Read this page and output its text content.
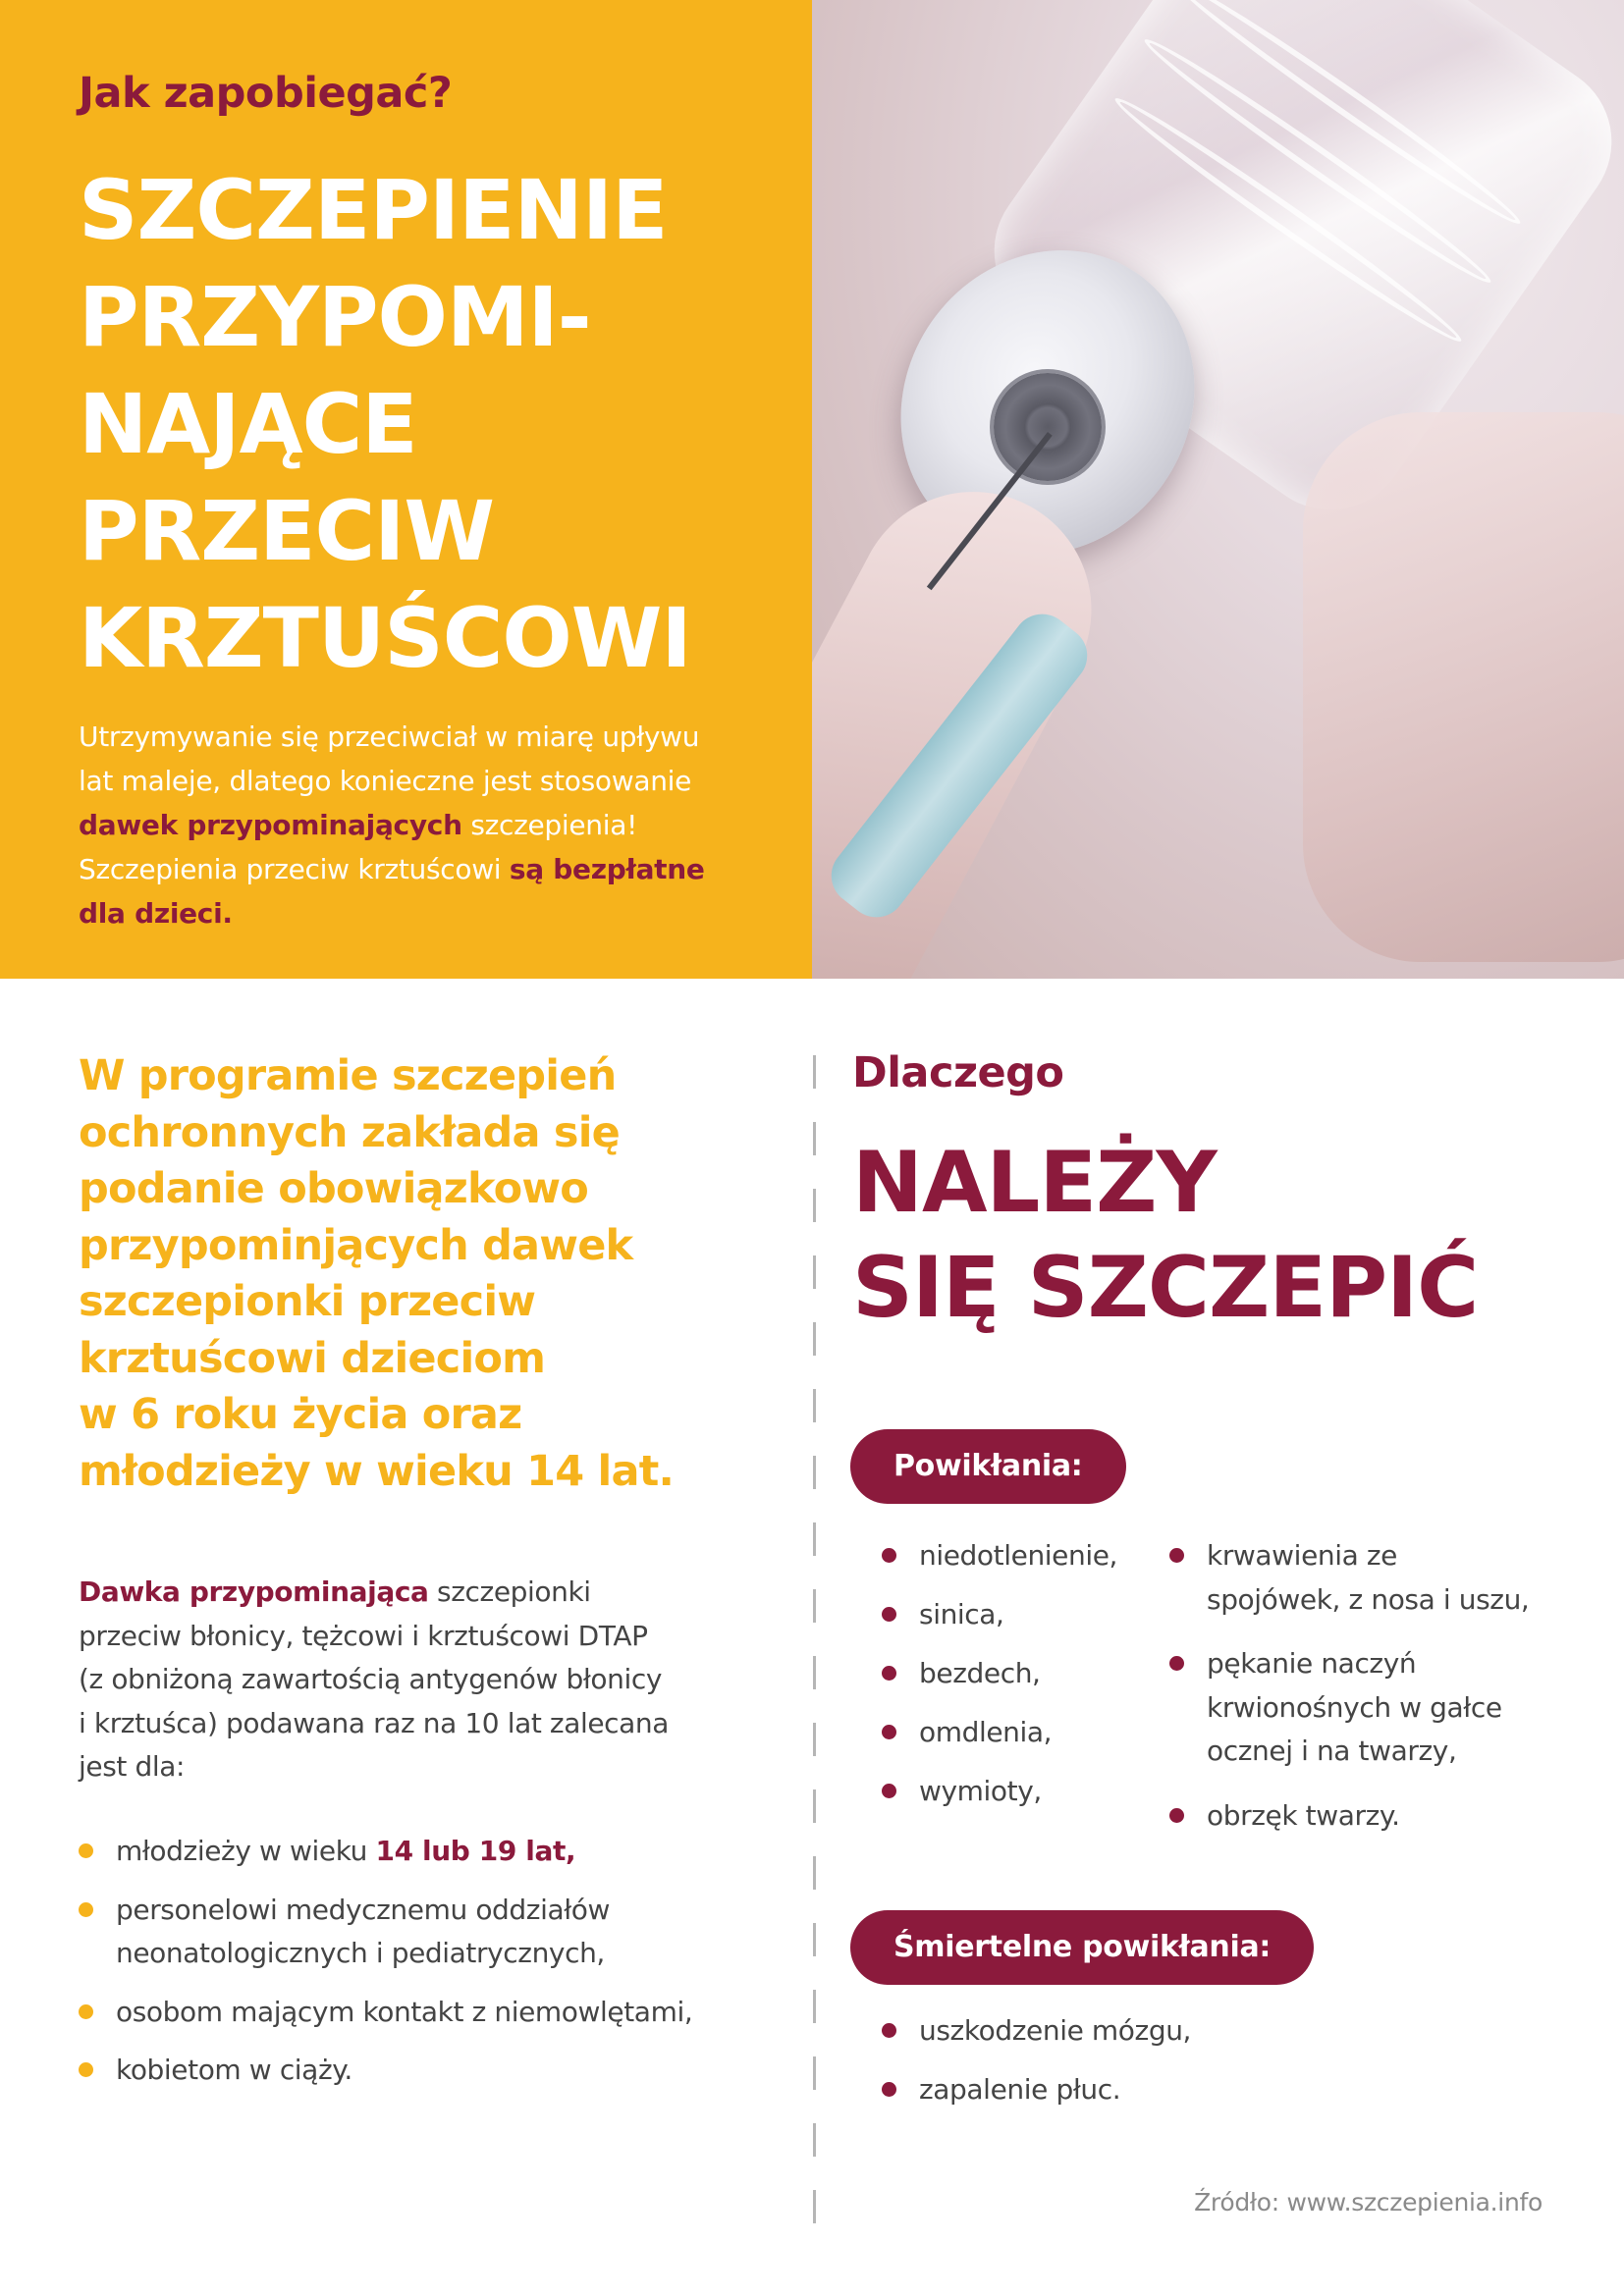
Jak zapobiegać?
SZCZEPIENIE
PRZYPOMI-
NAJĄCE
PRZECIW
KRZTUŚCOWI

Utrzymywanie się przeciwciał w miarę upływu lat maleje, dlatego konieczne jest stosowanie dawek przypominających szczepienia! Szczepienia przeciw krztuścowi są bezpłatne dla dzieci.

W programie szczepień
ochronnych zakłada się
podanie obowiązkowo
przypominjących dawek
szczepionki przeciw
krztuścowi dzieciom
w 6 roku życia oraz
młodzieży w wieku 14 lat.
Dawka przypominająca szczepionki
przeciw błonicy, tężcowi i krztuścowi DTAP
(z obniżoną zawartością antygenów błonicy
i krztuśca) podawana raz na 10 lat zalecana
jest dla:
młodzieży w wieku 14 lub 19 lat,
personelowi medycznemu oddziałów
neonatologicznych i pediatrycznych,
osobom mającym kontakt z niemowlętami,
kobietom w ciąży.
Dlaczego
NALEŻY
SIĘ SZCZEPIĆ
Powikłania:
niedotlenienie,
sinica,
bezdech,
omdlenia,
wymioty,
krwawienia ze
spojówek, z nosa i uszu,
pękanie naczyń
krwionośnych w gałce
ocznej i na twarzy,
obrzęk twarzy.
Śmiertelne powikłania:
uszkodzenie mózgu,
zapalenie płuc.
Źródło: www.szczepienia.info
